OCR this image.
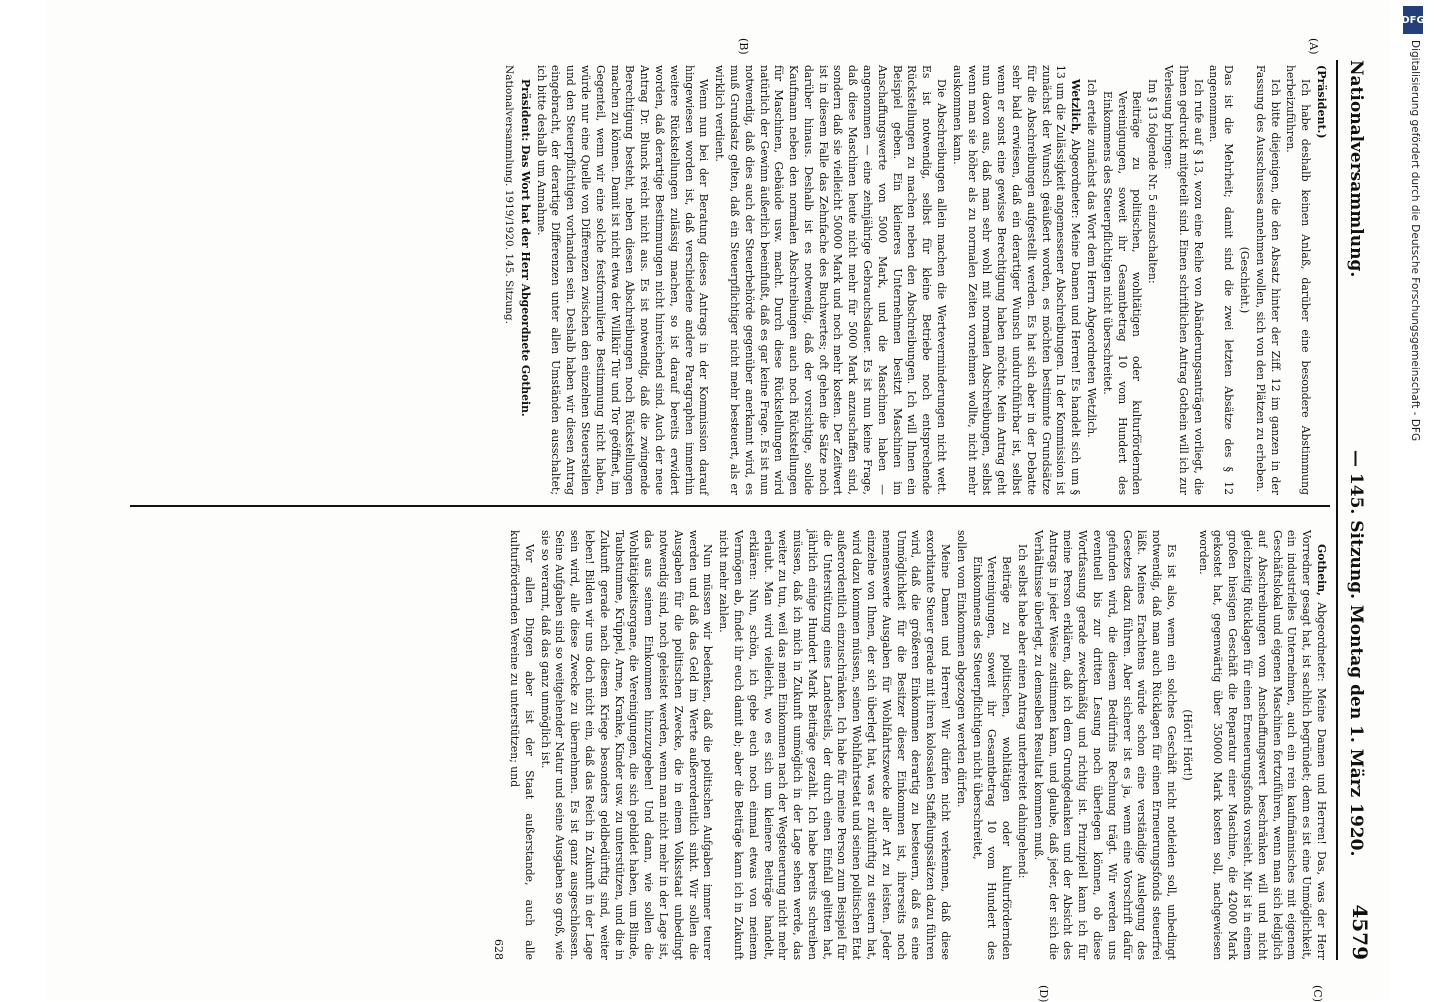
Nationalversammlung.
— 145. Sitzung. Montag den 1. März 1920.
4579
(A)
(B)
(C)
(D)

(Präsident.)

Ich habe deshalb keinen Anlaß, darüber eine besondere Abstimmung herbeizuführen.

Ich bitte diejenigen, die den Absatz hinter der Ziff. 12 im ganzen in der Fassung des Ausschusses annehmen wollen, sich von den Plätzen zu erheben.

(Geschieht.)

Das ist die Mehrheit; damit sind die zwei letzten Absätze des § 12 angenommen.

Ich rufe auf § 13, wozu eine Reihe von Abänderungsanträgen vorliegt, die Ihnen gedruckt mitgeteilt sind. Einen schriftlichen Antrag Gothein will ich zur Verlesung bringen:

Im § 13 folgende Nr. 5 einzuschalten:

Beiträge zu politischen, wohltätigen oder kulturfördernden Vereinigungen, soweit ihr Gesamtbetrag 10 vom Hundert des Einkommens des Steuerpflichtigen nicht überschreitet.

Ich erteile zunächst das Wort dem Herrn Abgeordneten Wetzlich.

Wetzlich, Abgeordneter: Meine Damen und Herren! Es handelt sich um § 13 um die Zulässigkeit angemessener Abschreibungen. In der Kommission ist zunächst der Wunsch geäußert worden, es möchten bestimmte Grundsätze für die Abschreibungen aufgestellt werden. Es hat sich aber in der Debatte sehr bald erwiesen, daß ein derartiger Wunsch undurchführbar ist, selbst wenn er sonst eine gewisse Berechtigung haben möchte. Mein Antrag geht nun davon aus, daß man sehr wohl mit normalen Abschreibungen, selbst wenn man sie höher als zu normalen Zeiten vornehmen wollte, nicht mehr auskommen kann.

Die Abschreibungen allein machen die Werteverminderungen nicht wett. Es ist notwendig, selbst für kleine Betriebe noch entsprechende Rückstellungen zu machen neben den Abschreibungen. Ich will Ihnen ein Beispiel geben. Ein kleineres Unternehmen besitzt Maschinen im Anschaffungswerte von 5000 Mark, und die Maschinen haben — angenommen — eine zehnjährige Gebrauchsdauer. Es ist nun keine Frage, daß diese Maschinen heute nicht mehr für 5000 Mark anzuschaffen sind, sondern daß sie vielleicht 50000 Mark und noch mehr kosten. Der Zeitwert ist in diesem Falle das Zehnfache des Buchwertes; oft gehen die Sätze noch darüber hinaus. Deshalb ist es notwendig, daß der vorsichtige, solide Kaufmann neben den normalen Abschreibungen auch noch Rückstellungen für Maschinen, Gebäude usw. macht. Durch diese Rückstellungen wird natürlich der Gewinn äußerlich beeinflußt, daß es gar keine Frage. Es ist nun notwendig, daß dies auch der Steuerbehörde gegenüber anerkannt wird, es muß Grundsatz gelten, daß ein Steuerpflichtiger nicht mehr besteuert, als er wirklich verdient.

Wenn nun bei der Beratung dieses Antrags in der Kommission darauf hingewiesen worden ist, daß verschiedene andere Paragraphen immerhin weitere Rückstellungen zulässig machen, so ist darauf bereits erwidert worden, daß derartige Bestimmungen nicht hinreichend sind. Auch der neue Antrag Dr. Blunck reicht nicht aus. Es ist notwendig, daß die zwingende Berechtigung besteht, neben diesen Abschreibungen noch Rückstellungen machen zu können. Damit ist nicht etwa der Willkür Tür und Tor geöffnet, im Gegenteil, wenn wir eine solche festformulierte Bestimmung nicht haben, würde nur eine Quelle von Differenzen zwischen den einzelnen Steuerstellen und den Steuerpflichtigen vorhanden sein. Deshalb haben wir diesen Antrag eingebracht, der derartige Differenzen unter allen Umständen ausschaltet; ich bitte deshalb um Annahme.

Präsident: Das Wort hat der Herr Abgeordnete Gothein.

Nationalversammlung. 1919/1920. 145. Sitzung.

Gothein, Abgeordneter: Meine Damen und Herren! Das, was der Herr Vorredner gesagt hat, ist sachlich begründet; denn es ist eine Unmöglichkeit, ein industrielles Unternehmen, auch ein rein kaufmännisches mit eigenem Geschäftslokal und eigenen Maschinen fortzuführen, wenn man sich lediglich auf Abschreibungen vom Anschaffungswert beschränken will und nicht gleichzeitig Rücklagen für einen Erneuerungsfonds vorsieht. Mir ist in einem großen hiesigen Geschäft die Reparatur einer Maschine, die 42000 Mark gekostet hat, gegenwärtig über 350000 Mark kosten soll, nachgewiesen worden.

(Hört! Hört!)

Es ist also, wenn ein solches Geschäft nicht notleiden soll, unbedingt notwendig, daß man auch Rücklagen für einen Erneuerungsfonds steuerfrei läßt. Meines Erachtens würde schon eine verständige Auslegung des Gesetzes dazu führen. Aber sicherer ist es ja, wenn eine Vorschrift dafür gefunden wird, die diesem Bedürfnis Rechnung trägt. Wir werden uns eventuell bis zur dritten Lesung noch überlegen können, ob diese Wortfassung gerade zweckmäßig und richtig ist. Prinzipiell kann ich für meine Person erklären, daß ich dem Grundgedanken und der Absicht des Antrags in jeder Weise zustimmen kann, und glaube, daß jeder, der sich die Verhältnisse überlegt, zu demselben Resultat kommen muß.

Ich selbst habe aber einen Antrag unterbreitet dahingehend:

Beiträge zu politischen, wohltätigen oder kulturfördernden Vereinigungen, soweit ihr Gesamtbetrag 10 vom Hundert des Einkommens des Steuerpflichtigen nicht überschreitet,

sollen vom Einkommen abgezogen werden dürfen.

Meine Damen und Herren! Wir dürfen nicht verkennen, daß diese exorbitante Steuer gerade mit ihren kolossalen Staffelungssätzen dazu führen wird, daß die größeren Einkommen derartig zu besteuern, daß es eine Unmöglichkeit für die Besitzer dieser Einkommen ist, ihrerseits noch nennenswerte Ausgaben für Wohlfahrtszwecke aller Art zu leisten. Jeder einzelne von Ihnen, der sich überlegt hat, was er zukünftig zu steuern hat, wird dazu kommen müssen, seinen Wohlfahrtsetat und seinen politischen Etat außerordentlich einzuschränken. Ich habe für meine Person zum Beispiel für die Unterstützung eines Landesteils, der durch einen Einfall gelitten hat, jährlich einige Hundert Mark Beiträge gezahlt. Ich habe bereits schreiben müssen, daß ich mich in Zukunft unmöglich in der Lage sehen werde, das weiter zu tun, weil das mein Einkommen nach der Wegsteuerung nicht mehr erlaubt. Man wird vielleicht, wo es sich um kleinere Beiträge handelt, erklären: Nun, schön, ich gebe euch noch einmal etwas von meinem Vermögen ab, findet ihr euch damit ab; aber die Beiträge kann ich in Zukunft nicht mehr zahlen.

Nun müssen wir bedenken, daß die politischen Aufgaben immer teurer werden und daß das Geld im Werte außerordentlich sinkt. Wir sollen die Ausgaben für die politischen Zwecke, die in einem Volksstaat unbedingt notwendig sind, noch geleistet werden, wenn man nicht mehr in der Lage ist, das aus seinem Einkommen hinzuzugeben! Und dann, wie sollen die Wohltätigkeitsorgane, die Vereinigungen, die sich gebildet haben, um Blinde, Taubstumme, Krüppel, Arme, Kranke, Kinder usw. zu unterstützen, und die in Zukunft gerade nach diesem Kriege besonders geldbedürftig sind, weiter leben! Bilden wir uns doch nicht ein, daß das Reich in Zukunft in der Lage sein wird, alle diese Zwecke zu übernehmen. Es ist ganz ausgeschlossen. Seine Aufgaben sind so weitgehender Natur und seine Ausgaben so groß, wie sie so verarmt, daß das ganz unmöglich ist.

Vor allen Dingen aber ist der Staat außerstande, auch alle kulturfördernden Vereine zu unterstützen; und

628

DFG
Digitalisierung gefördert durch die Deutsche Forschungsgemeinschaft - DFG
